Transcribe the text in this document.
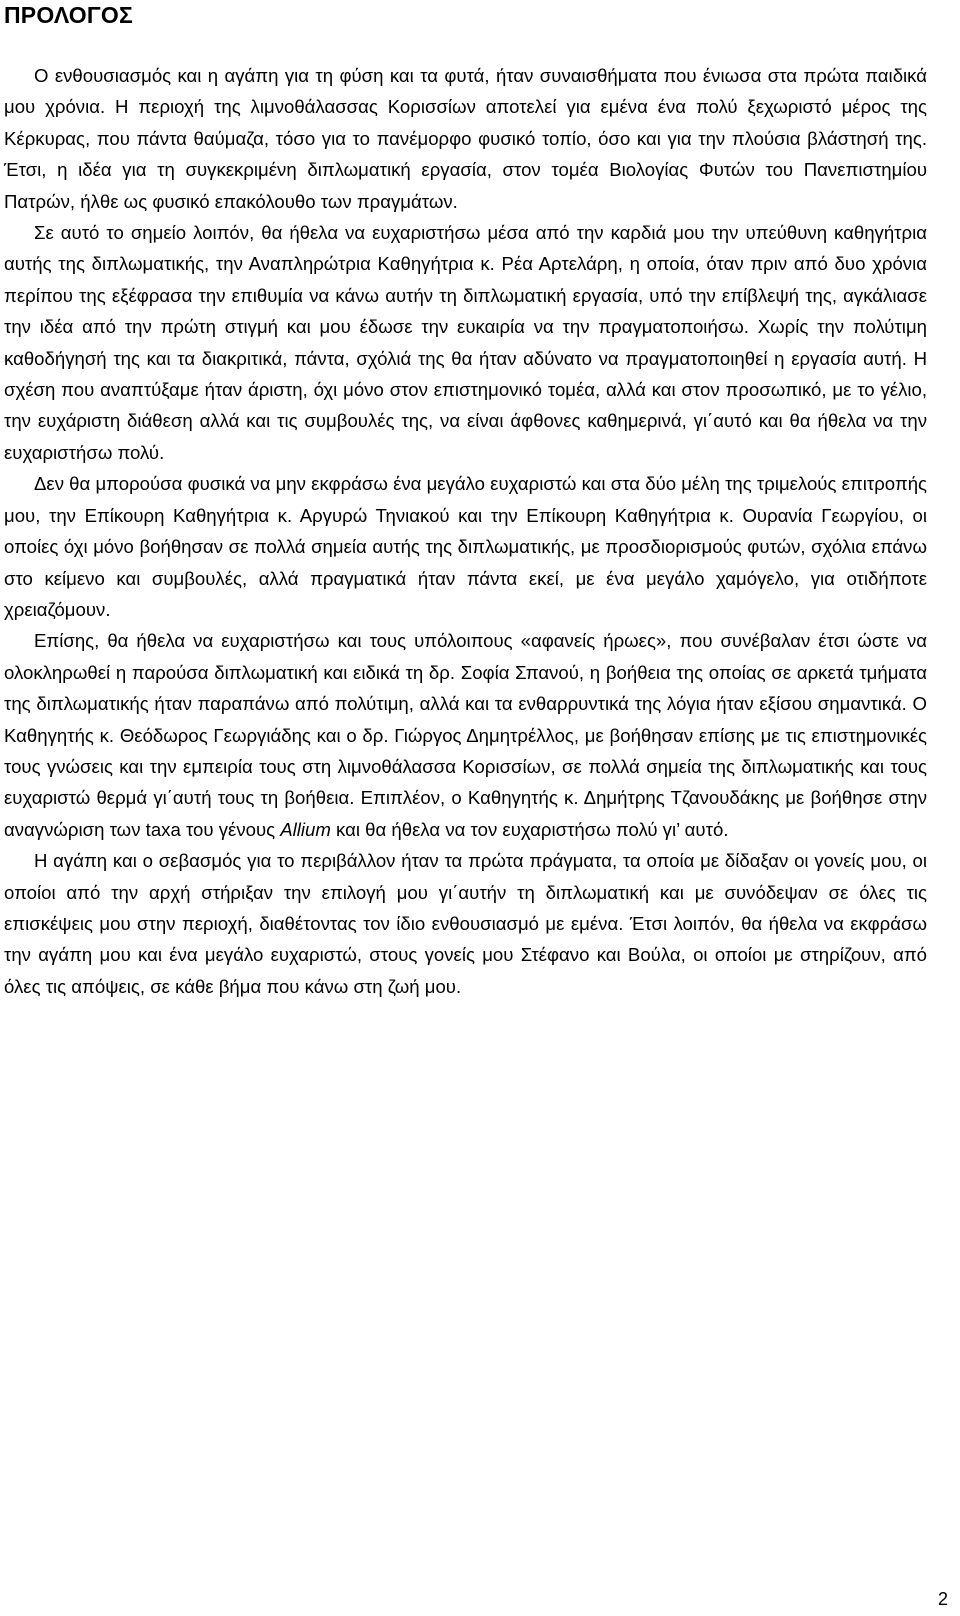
ΠΡΟΛΟΓΟΣ

Ο ενθουσιασμός και η αγάπη για τη φύση και τα φυτά, ήταν συναισθήματα που ένιωσα στα πρώτα παιδικά μου χρόνια. Η περιοχή της λιμνοθάλασσας Κορισσίων αποτελεί για εμένα ένα πολύ ξεχωριστό μέρος της Κέρκυρας, που πάντα θαύμαζα, τόσο για το πανέμορφο φυσικό τοπίο, όσο και για την πλούσια βλάστησή της. Έτσι, η ιδέα για τη συγκεκριμένη διπλωματική εργασία, στον τομέα Βιολογίας Φυτών του Πανεπιστημίου Πατρών, ήλθε ως φυσικό επακόλουθο των πραγμάτων.

Σε αυτό το σημείο λοιπόν, θα ήθελα να ευχαριστήσω μέσα από την καρδιά μου την υπεύθυνη καθηγήτρια αυτής της διπλωματικής, την Αναπληρώτρια Καθηγήτρια κ. Ρέα Αρτελάρη, η οποία, όταν πριν από δυο χρόνια περίπου της εξέφρασα την επιθυμία να κάνω αυτήν τη διπλωματική εργασία, υπό την επίβλεψή της, αγκάλιασε την ιδέα από την πρώτη στιγμή και μου έδωσε την ευκαιρία να την πραγματοποιήσω. Χωρίς την πολύτιμη καθοδήγησή της και τα διακριτικά, πάντα, σχόλιά της θα ήταν αδύνατο να πραγματοποιηθεί η εργασία αυτή. Η σχέση που αναπτύξαμε ήταν άριστη, όχι μόνο στον επιστημονικό τομέα, αλλά και στον προσωπικό, με το γέλιο, την ευχάριστη διάθεση αλλά και τις συμβουλές της, να είναι άφθονες καθημερινά, γι΄αυτό και θα ήθελα να την ευχαριστήσω πολύ.

Δεν θα μπορούσα φυσικά να μην εκφράσω ένα μεγάλο ευχαριστώ και στα δύο μέλη της τριμελούς επιτροπής μου, την Επίκουρη Καθηγήτρια κ. Αργυρώ Τηνιακού και την Επίκουρη Καθηγήτρια κ. Ουρανία Γεωργίου, οι οποίες όχι μόνο βοήθησαν σε πολλά σημεία αυτής της διπλωματικής, με προσδιορισμούς φυτών, σχόλια επάνω στο κείμενο και συμβουλές, αλλά πραγματικά ήταν πάντα εκεί, με ένα μεγάλο χαμόγελο, για οτιδήποτε χρειαζόμουν.

Επίσης, θα ήθελα να ευχαριστήσω και τους υπόλοιπους «αφανείς ήρωες», που συνέβαλαν έτσι ώστε να ολοκληρωθεί η παρούσα διπλωματική και ειδικά τη δρ. Σοφία Σπανού, η βοήθεια της οποίας σε αρκετά τμήματα της διπλωματικής ήταν παραπάνω από πολύτιμη, αλλά και τα ενθαρρυντικά της λόγια ήταν εξίσου σημαντικά. Ο Καθηγητής κ. Θεόδωρος Γεωργιάδης και ο δρ. Γιώργος Δημητρέλλος, με βοήθησαν επίσης με τις επιστημονικές τους γνώσεις και την εμπειρία τους στη λιμνοθάλασσα Κορισσίων, σε πολλά σημεία της διπλωματικής και τους ευχαριστώ θερμά γι΄αυτή τους τη βοήθεια. Επιπλέον, ο Καθηγητής κ. Δημήτρης Τζανουδάκης με βοήθησε στην αναγνώριση των taxa του γένους Allium και θα ήθελα να τον ευχαριστήσω πολύ γι’ αυτό.

Η αγάπη και ο σεβασμός για το περιβάλλον ήταν τα πρώτα πράγματα, τα οποία με δίδαξαν οι γονείς μου, οι οποίοι από την αρχή στήριξαν την επιλογή μου γι΄αυτήν τη διπλωματική και με συνόδεψαν σε όλες τις επισκέψεις μου στην περιοχή, διαθέτοντας τον ίδιο ενθουσιασμό με εμένα. Έτσι λοιπόν, θα ήθελα να εκφράσω την αγάπη μου και ένα μεγάλο ευχαριστώ, στους γονείς μου Στέφανο και Βούλα, οι οποίοι με στηρίζουν, από όλες τις απόψεις, σε κάθε βήμα που κάνω στη ζωή μου.

2
